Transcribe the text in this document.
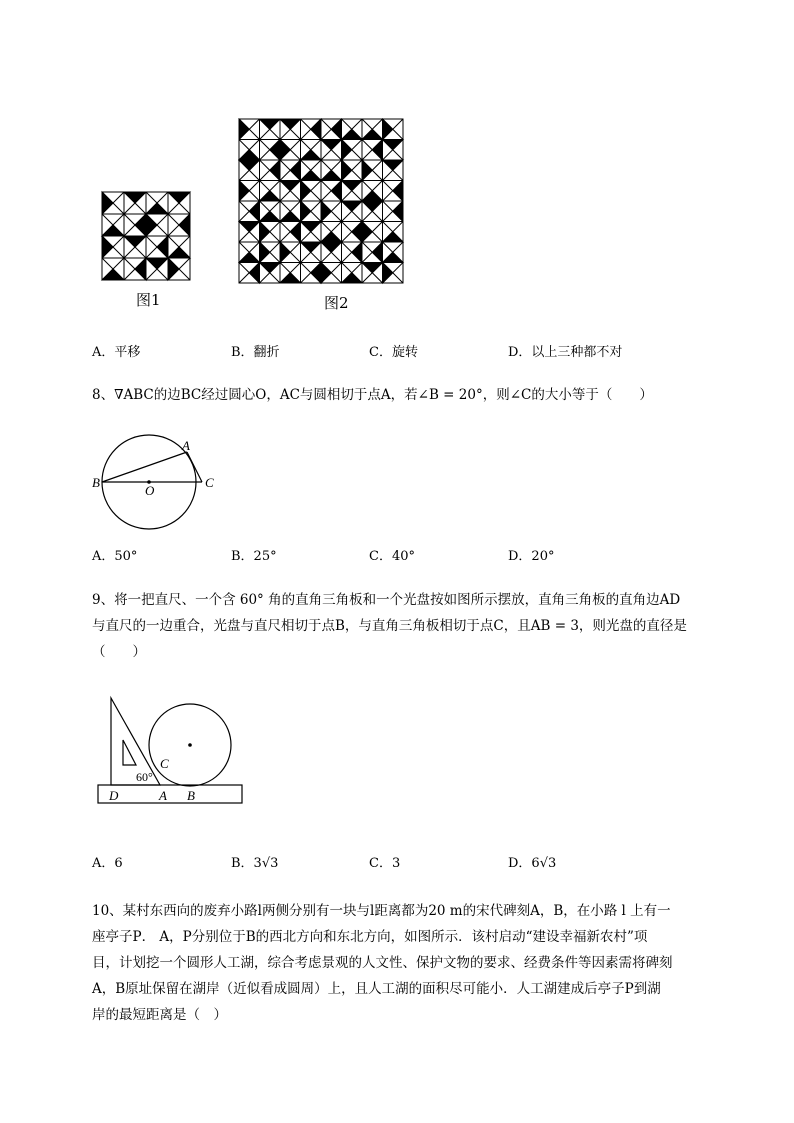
图1	图2
A．平移	B．翻折	C．旋转	D．以上三种都不对
8、∇ABC的边BC经过圆心O，AC与圆相切于点A，若∠B = 20°，则∠C的大小等于（　　）
A
B	C
O
A．50°	B．25°	C．40°	D．20°
9、将一把直尺、一个含 60° 角的直角三角板和一个光盘按如图所示摆放，直角三角板的直角边AD
与直尺的一边重合，光盘与直尺相切于点B，与直角三角板相切于点C，且AB = 3，则光盘的直径是
（　　）
C
60°
D	A B
A．6	B．3√3	C．3	D．6√3
10、某村东西向的废弃小路l两侧分别有一块与l距离都为20 m的宋代碑刻A，B，在小路 l 上有一
座亭子P． A，P分别位于B的西北方向和东北方向，如图所示．该村启动“建设幸福新农村”项
目，计划挖一个圆形人工湖，综合考虑景观的人文性、保护文物的要求、经费条件等因素需将碑刻
A，B原址保留在湖岸（近似看成圆周）上，且人工湖的面积尽可能小．人工湖建成后亭子P到湖
岸的最短距离是（　）
